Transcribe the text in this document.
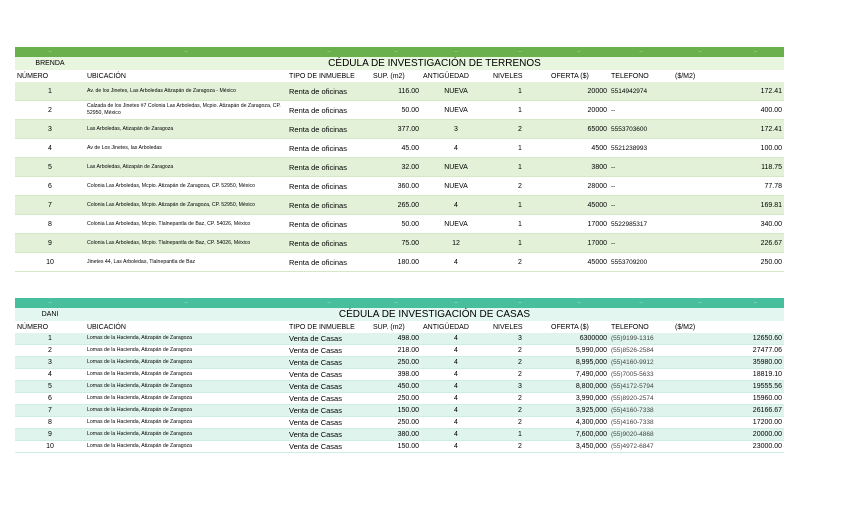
--	--	--	--	--	--	--	--	--	--
BRENDA	CÉDULA DE INVESTIGACIÓN DE TERRENOS								
NÚMERO	UBICACIÓN	TIPO DE INMUEBLE	SUP. (m2)	ANTIGÜEDAD	NIVELES	OFERTA ($)	TELEFONO	($/M2)	
1	Av. de los Jinetes, Las Arboledas Atizapán de Zaragoza - México	Renta de oficinas	116.00	NUEVA	1	20000	5514942974	172.41	
2	Calzada de los Jinetes #7 Colonia Las Arboledas, Mcpio. Atizapán de Zaragoza, CP. 52950, México	Renta de oficinas	50.00	NUEVA	1	20000	--	400.00	
3	Las Arboledas, Atizapán de Zaragoza	Renta de oficinas	377.00	3	2	65000	5553703600	172.41	
4	Av de Los Jinetes, las Arboledas	Renta de oficinas	45.00	4	1	4500	5521238993	100.00	
5	Las Arboledas, Atizapán de Zaragoza	Renta de oficinas	32.00	NUEVA	1	3800	--	118.75	
6	Colonia Las Arboledas, Mcpio. Atizapán de Zaragoza, CP. 52950, México	Renta de oficinas	360.00	NUEVA	2	28000	--	77.78	
7	Colonia Las Arboledas, Mcpio. Atizapán de Zaragoza, CP. 52950, México	Renta de oficinas	265.00	4	1	45000	--	169.81	
8	Colonia Las Arboledas, Mcpio. Tlalnepantla de Baz, CP. 54026, México	Renta de oficinas	50.00	NUEVA	1	17000	5522985317	340.00	
9	Colonia Las Arboledas, Mcpio. Tlalnepantla de Baz, CP. 54026, México	Renta de oficinas	75.00	12	1	17000	--	226.67	
10	Jinetes 44, Las Arboledas, Tlalnepantla de Baz	Renta de oficinas	180.00	4	2	45000	5553709200	250.00	
--	--	--	--	--	--	--	--	--	--
DANI	CÉDULA DE INVESTIGACIÓN DE CASAS								
NÚMERO	UBICACIÓN	TIPO DE INMUEBLE	SUP. (m2)	ANTIGÜEDAD	NIVELES	OFERTA ($)	TELEFONO	($/M2)	
1	Lomas de la Hacienda, Atizapán de Zaragoza	Venta de Casas	498.00	4	3	6300000	(55)9199-1316	12650.60	
2	Lomas de la Hacienda, Atizapán de Zaragoza	Venta de Casas	218.00	4	2	5,990,000	(55)8526-2584	27477.06	
3	Lomas de la Hacienda, Atizapán de Zaragoza	Venta de Casas	250.00	4	2	8,995,000	(55)4160-9912	35980.00	
4	Lomas de la Hacienda, Atizapán de Zaragoza	Venta de Casas	398.00	4	2	7,490,000	(55)7005-5633	18819.10	
5	Lomas de la Hacienda, Atizapán de Zaragoza	Venta de Casas	450.00	4	3	8,800,000	(55)4172-5794	19555.56	
6	Lomas de la Hacienda, Atizapán de Zaragoza	Venta de Casas	250.00	4	2	3,990,000	(55)8920-2574	15960.00	
7	Lomas de la Hacienda, Atizapán de Zaragoza	Venta de Casas	150.00	4	2	3,925,000	(55)4160-7338	26166.67	
8	Lomas de la Hacienda, Atizapán de Zaragoza	Venta de Casas	250.00	4	2	4,300,000	(55)4160-7338	17200.00	
9	Lomas de la Hacienda, Atizapán de Zaragoza	Venta de Casas	380.00	4	1	7,600,000	(55)9020-4868	20000.00	
10	Lomas de la Hacienda, Atizapán de Zaragoza	Venta de Casas	150.00	4	2	3,450,000	(55)4972-6847	23000.00	
